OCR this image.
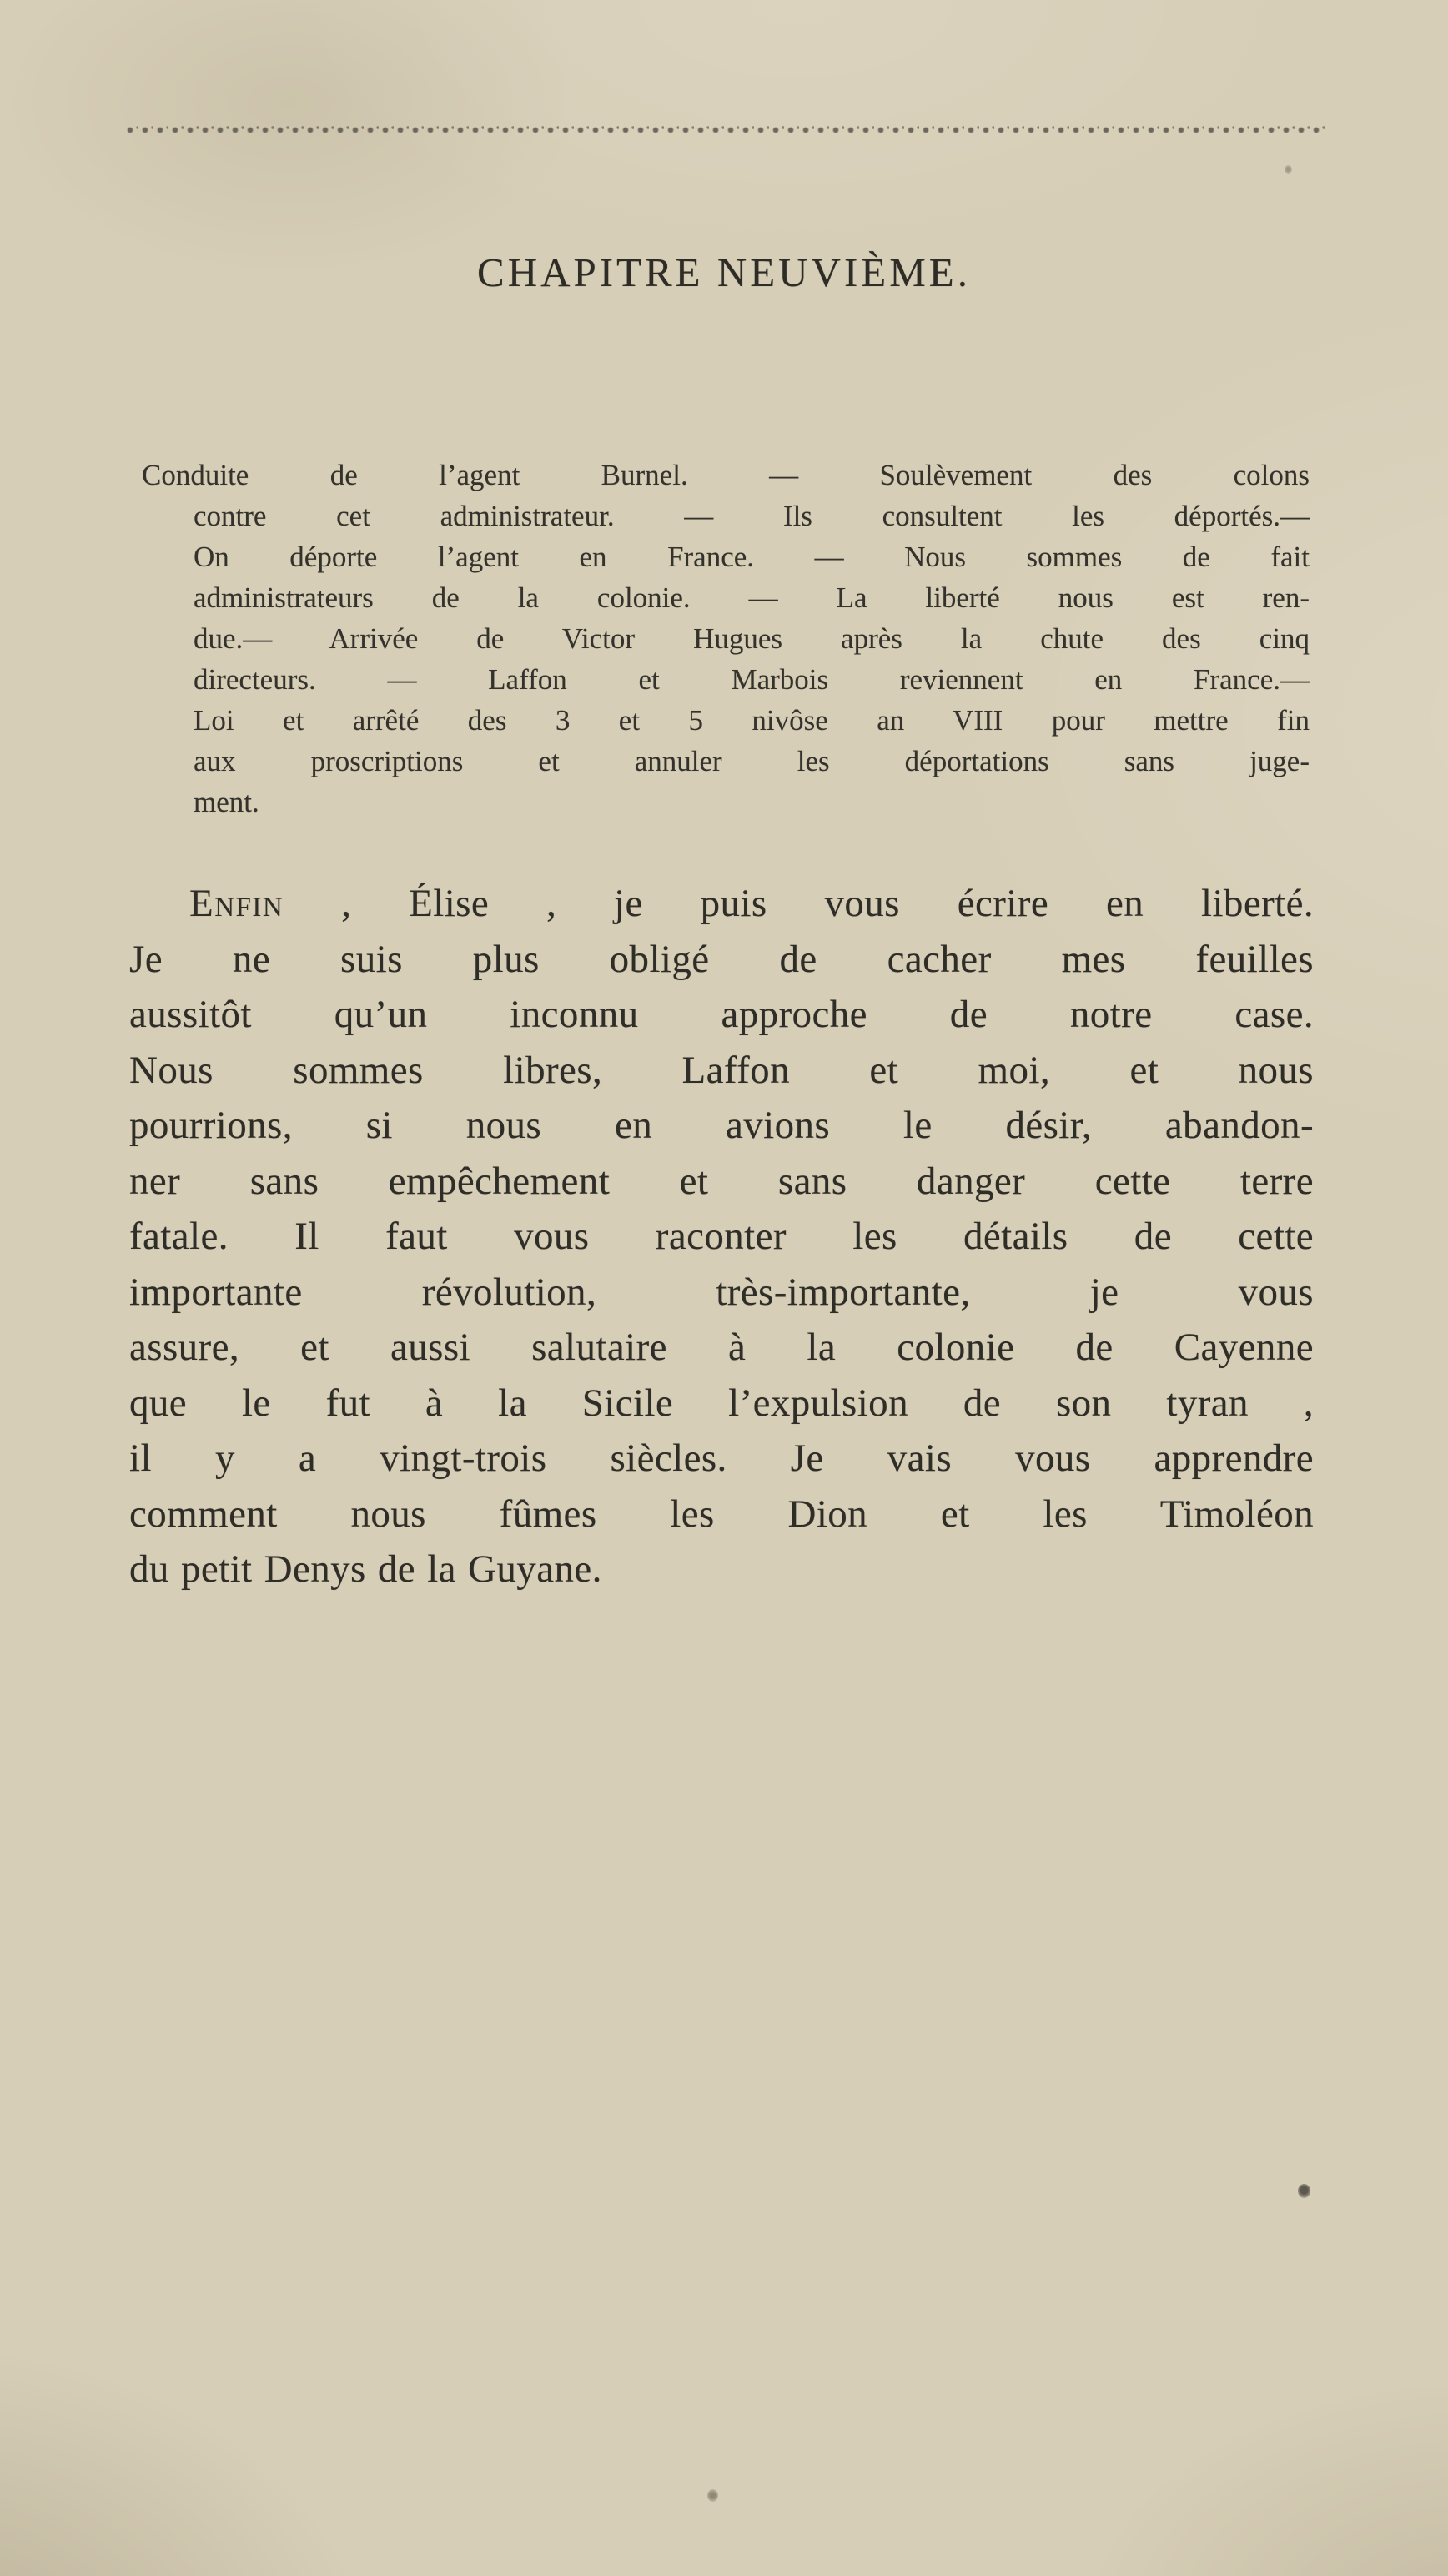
CHAPITRE NEUVIÈME.
Conduite de l’agent Burnel. — Soulèvement des colons
contre cet administrateur. — Ils consultent les déportés.—
On déporte l’agent en France. — Nous sommes de fait
administrateurs de la colonie. — La liberté nous est ren-
due.— Arrivée de Victor Hugues après la chute des cinq
directeurs. — Laffon et Marbois reviennent en France.—
Loi et arrêté des 3 et 5 nivôse an VIII pour mettre fin
aux proscriptions et annuler les déportations sans juge-
ment.
Enfin , Élise , je puis vous écrire en liberté.
Je ne suis plus obligé de cacher mes feuilles
aussitôt qu’un inconnu approche de notre case.
Nous sommes libres, Laffon et moi, et nous
pourrions, si nous en avions le désir, abandon-
ner sans empêchement et sans danger cette terre
fatale. Il faut vous raconter les détails de cette
importante révolution, très-importante, je vous
assure, et aussi salutaire à la colonie de Cayenne
que le fut à la Sicile l’expulsion de son tyran ,
il y a vingt-trois siècles. Je vais vous apprendre
comment nous fûmes les Dion et les Timoléon
du petit Denys de la Guyane.
